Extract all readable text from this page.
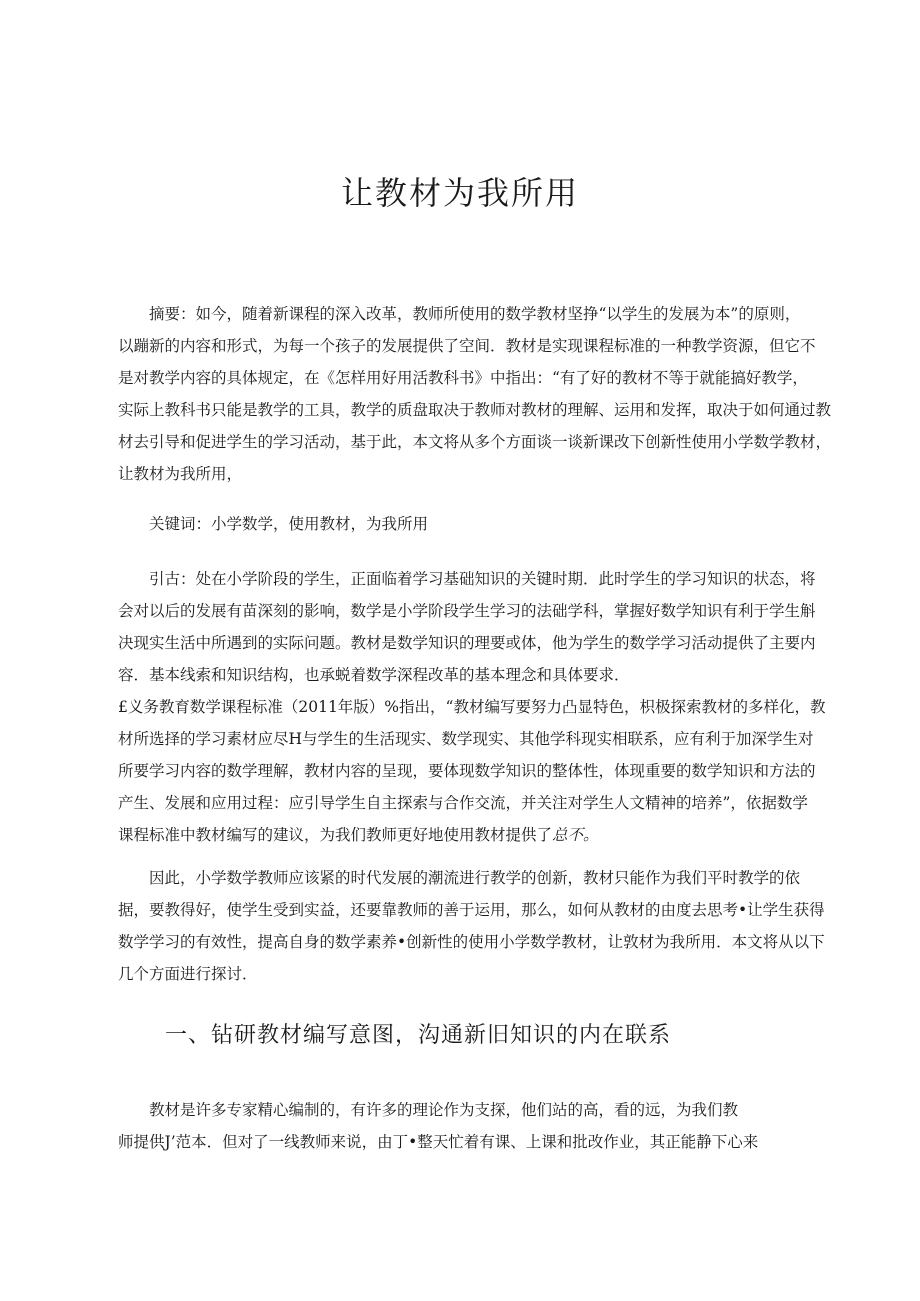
让教材为我所用
摘要：如今，随着新课程的深入改革，教师所使用的数学教材坚挣“以学生的发展为本”的原则，
以蹦新的内容和形式，为每一个孩子的发展提供了空间．教材是实现课程标准的一种教学资源，但它不
是对教学内容的具体规定，在《怎样用好用活教科书》中指出：“有了好的教材不等于就能搞好教学，
实际上教科书只能是教学的工具，教学的质盘取决于教师对教材的理解、运用和发挥，取决于如何通过教
材去引导和促进学生的学习活动，基于此，本文将从多个方面谈一谈新课改下创新性使用小学数学教材，
让教材为我所用，
关键词：小学数学，使用教材，为我所用
引古：处在小学阶段的学生，正面临着学习基础知识的关键时期．此时学生的学习知识的状态，将
会对以后的发展有苗深刻的影响，数学是小学阶段学生学习的法础学科，掌握好数学知识有利于学生斛
决现实生活中所遇到的实际问题。教材是数学知识的理要或体，他为学生的数学学习活动提供了主要内
容．基本线索和知识结构，也承蜕着数学深程改革的基本理念和具体要求．
£义务教育数学课程标准（2011年版）%指出，“教材编写要努力凸显特色，枳极探索教材的多样化，教
材所选择的学习素材应尽H与学生的生活现实、数学现实、其他学科现实相联系，应有利于加深学生对
所要学习内容的数学理解，教材内容的呈现，要体现数学知识的整体性，体现重要的数学知识和方法的
产生、发展和应用过程：应引导学生自主探索与合作交流，并关注对学生人文精神的培养”，依据数学
课程标准中教材编写的建议，为我们教师更好地使用教材提供了总不。
因此，小学数学教师应该紧的时代发展的潮流进行教学的创新，教材只能作为我们平时教学的依
据，要教得好，使学生受到实益，还要靠教师的善于运用，那么，如何从教材的由度去思考•让学生获得
数学学习的有效性，提高自身的数学素养•创新性的使用小学数学教材，让敦材为我所用．本文将从以下
几个方面进行探讨．
一、钻研教材编写意图，沟通新旧知识的内在联系
教材是许多专家精心编制的，有许多的理论作为支探，他们站的高，看的远，为我们教
师提供J’范本．但对了一线教师来说，由丁•整天忙着有课、上课和批改作业，其正能静下心来
